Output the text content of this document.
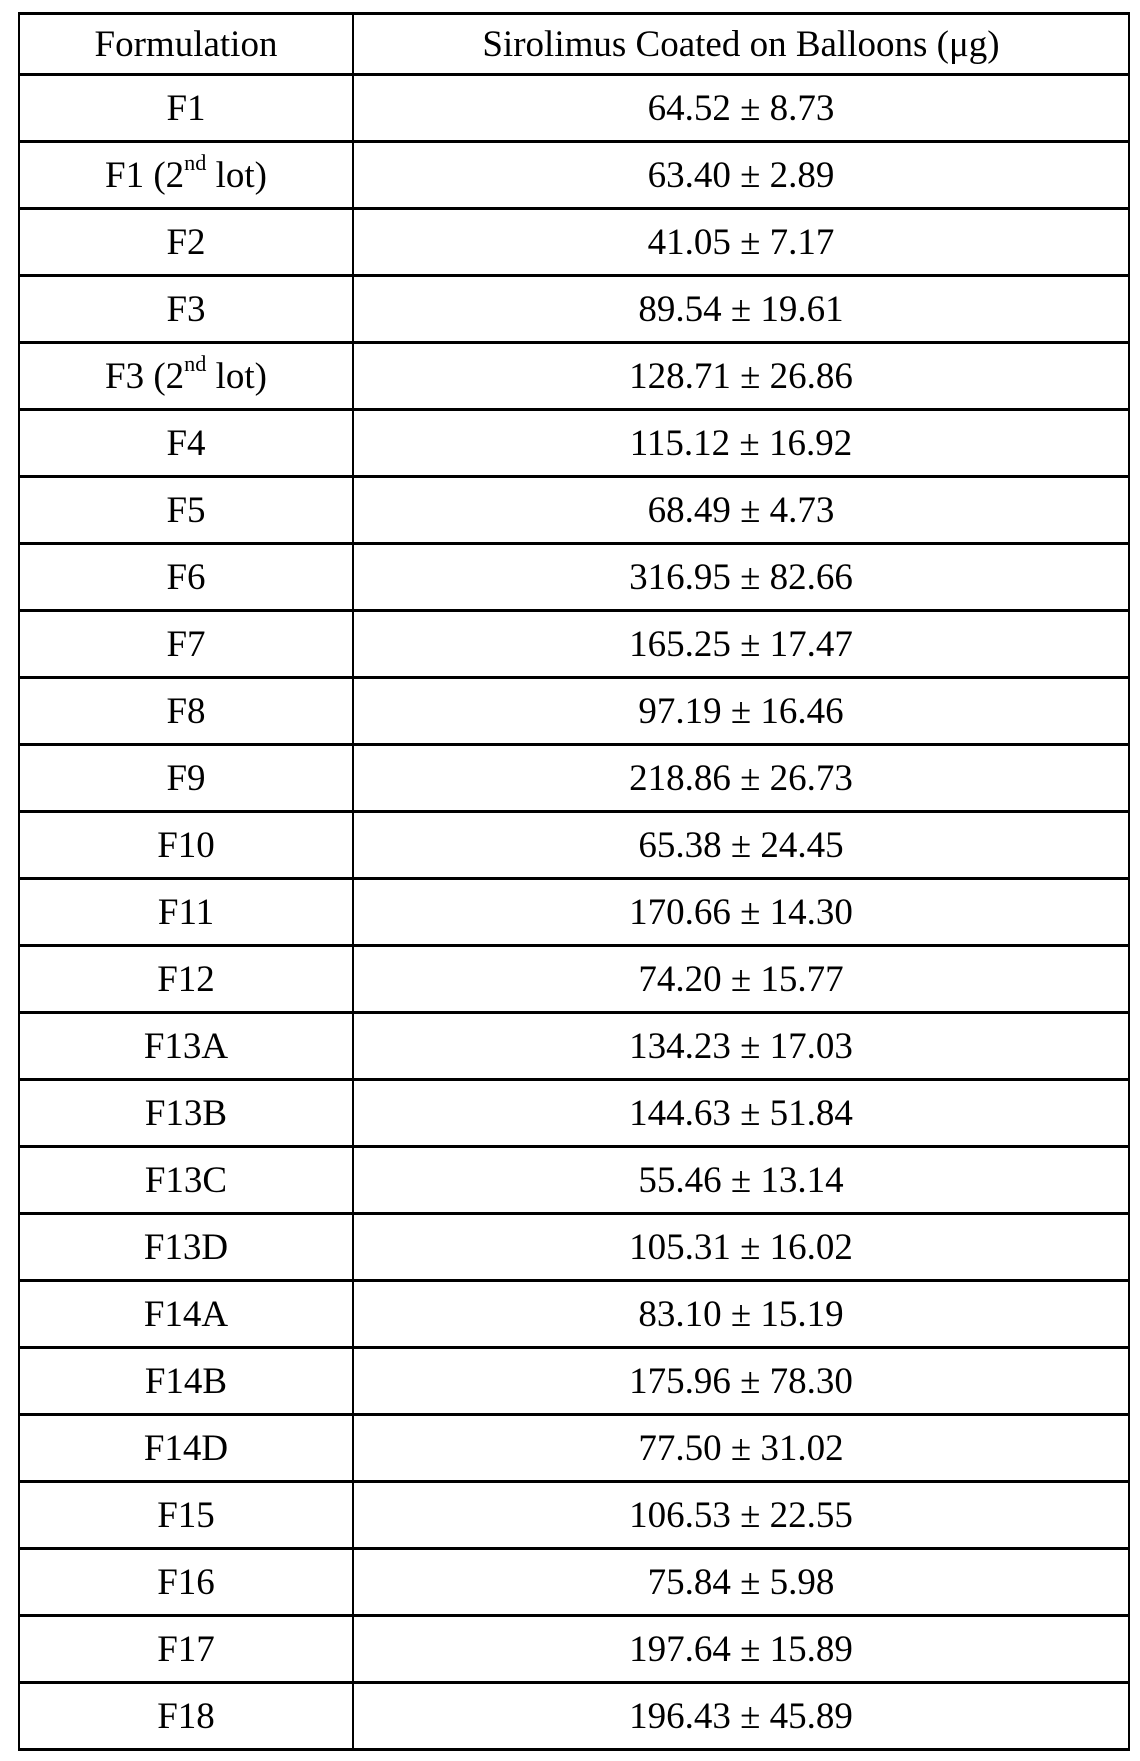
Formulation	Sirolimus Coated on Balloons (μg)
F1	64.52 ± 8.73
F1 (2nd lot)	63.40 ± 2.89
F2	41.05 ± 7.17
F3	89.54 ± 19.61
F3 (2nd lot)	128.71 ± 26.86
F4	115.12 ± 16.92
F5	68.49 ± 4.73
F6	316.95 ± 82.66
F7	165.25 ± 17.47
F8	97.19 ± 16.46
F9	218.86 ± 26.73
F10	65.38 ± 24.45
F11	170.66 ± 14.30
F12	74.20 ± 15.77
F13A	134.23 ± 17.03
F13B	144.63 ± 51.84
F13C	55.46 ± 13.14
F13D	105.31 ± 16.02
F14A	83.10 ± 15.19
F14B	175.96 ± 78.30
F14D	77.50 ± 31.02
F15	106.53 ± 22.55
F16	75.84 ± 5.98
F17	197.64 ± 15.89
F18	196.43 ± 45.89
